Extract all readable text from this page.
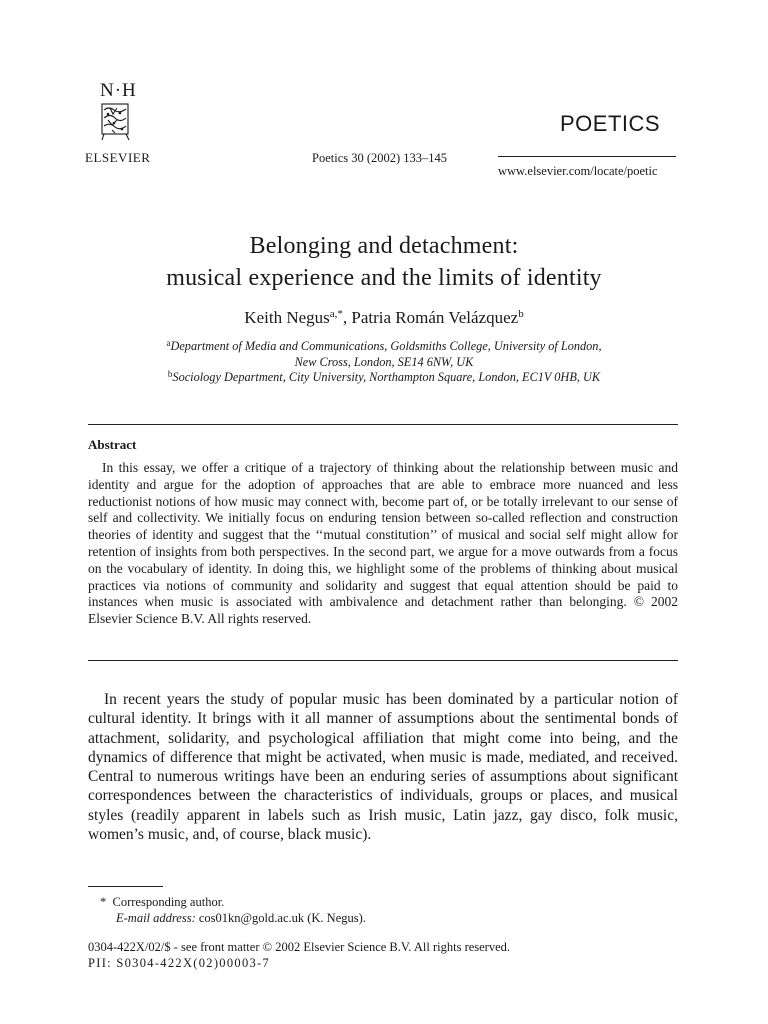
N·H
ELSEVIER	Poetics 30 (2002) 133–145
POETICS
www.elsevier.com/locate/poetic
Belonging and detachment:
musical experience and the limits of identity
Keith Negus$^{a,*}$, Patria Román Velázquez$^b$
$^a$Department of Media and Communications, Goldsmiths College, University of London,
New Cross, London, SE14 6NW, UK
$^b$Sociology Department, City University, Northampton Square, London, EC1V 0HB, UK
Abstract
In this essay, we offer a critique of a trajectory of thinking about the relationship between music and identity and argue for the adoption of approaches that are able to embrace more nuanced and less reductionist notions of how music may connect with, become part of, or be totally irrelevant to our sense of self and collectivity. We initially focus on enduring tension between so-called reflection and construction theories of identity and suggest that the ‘‘mutual constitution’’ of musical and social self might allow for retention of insights from both perspectives. In the second part, we argue for a move outwards from a focus on the vocabulary of identity. In doing this, we highlight some of the problems of thinking about musical practices via notions of community and solidarity and suggest that equal attention should be paid to instances when music is associated with ambivalence and detachment rather than belonging. © 2002 Elsevier Science B.V. All rights reserved.
In recent years the study of popular music has been dominated by a particular notion of cultural identity. It brings with it all manner of assumptions about the sentimental bonds of attachment, solidarity, and psychological affiliation that might come into being, and the dynamics of difference that might be activated, when music is made, mediated, and received. Central to numerous writings have been an enduring series of assumptions about significant correspondences between the characteristics of individuals, groups or places, and musical styles (readily apparent in labels such as Irish music, Latin jazz, gay disco, folk music, women’s music, and, of course, black music).
* Corresponding author.
E-mail address: cos01kn@gold.ac.uk (K. Negus).
0304-422X/02/$ - see front matter © 2002 Elsevier Science B.V. All rights reserved.
PII: S0304-422X(02)00003-7
